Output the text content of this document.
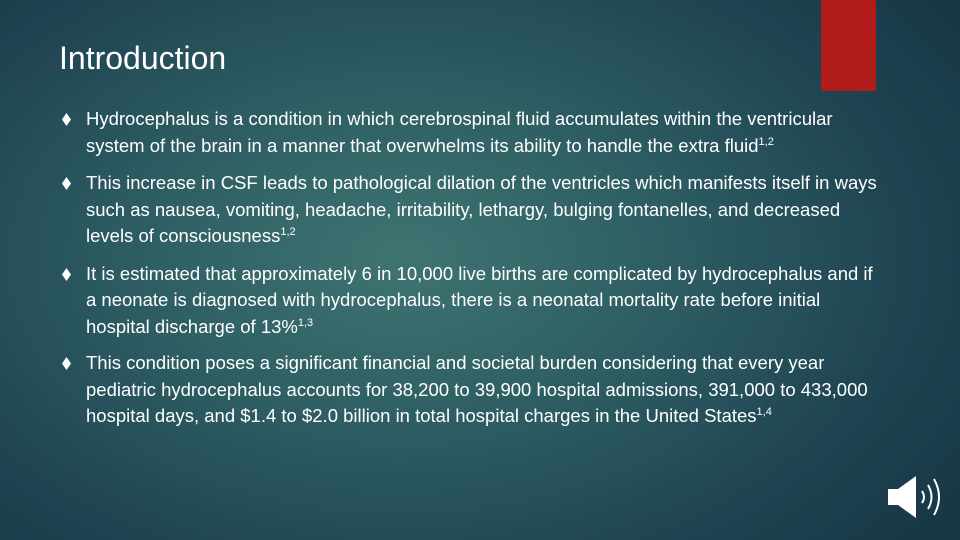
Introduction
Hydrocephalus is a condition in which cerebrospinal fluid accumulates within the ventricular system of the brain in a manner that overwhelms its ability to handle the extra fluid$^{1,2}$
This increase in CSF leads to pathological dilation of the ventricles which manifests itself in ways such as nausea, vomiting, headache, irritability, lethargy, bulging fontanelles, and decreased levels of consciousness$^{1,2}$
It is estimated that approximately 6 in 10,000 live births are complicated by hydrocephalus and if a neonate is diagnosed with hydrocephalus, there is a neonatal mortality rate before initial hospital discharge of 13%$^{1,3}$
This condition poses a significant financial and societal burden considering that every year pediatric hydrocephalus accounts for 38,200 to 39,900 hospital admissions, 391,000 to 433,000 hospital days, and $1.4 to $2.0 billion in total hospital charges in the United States$^{1,4}$
